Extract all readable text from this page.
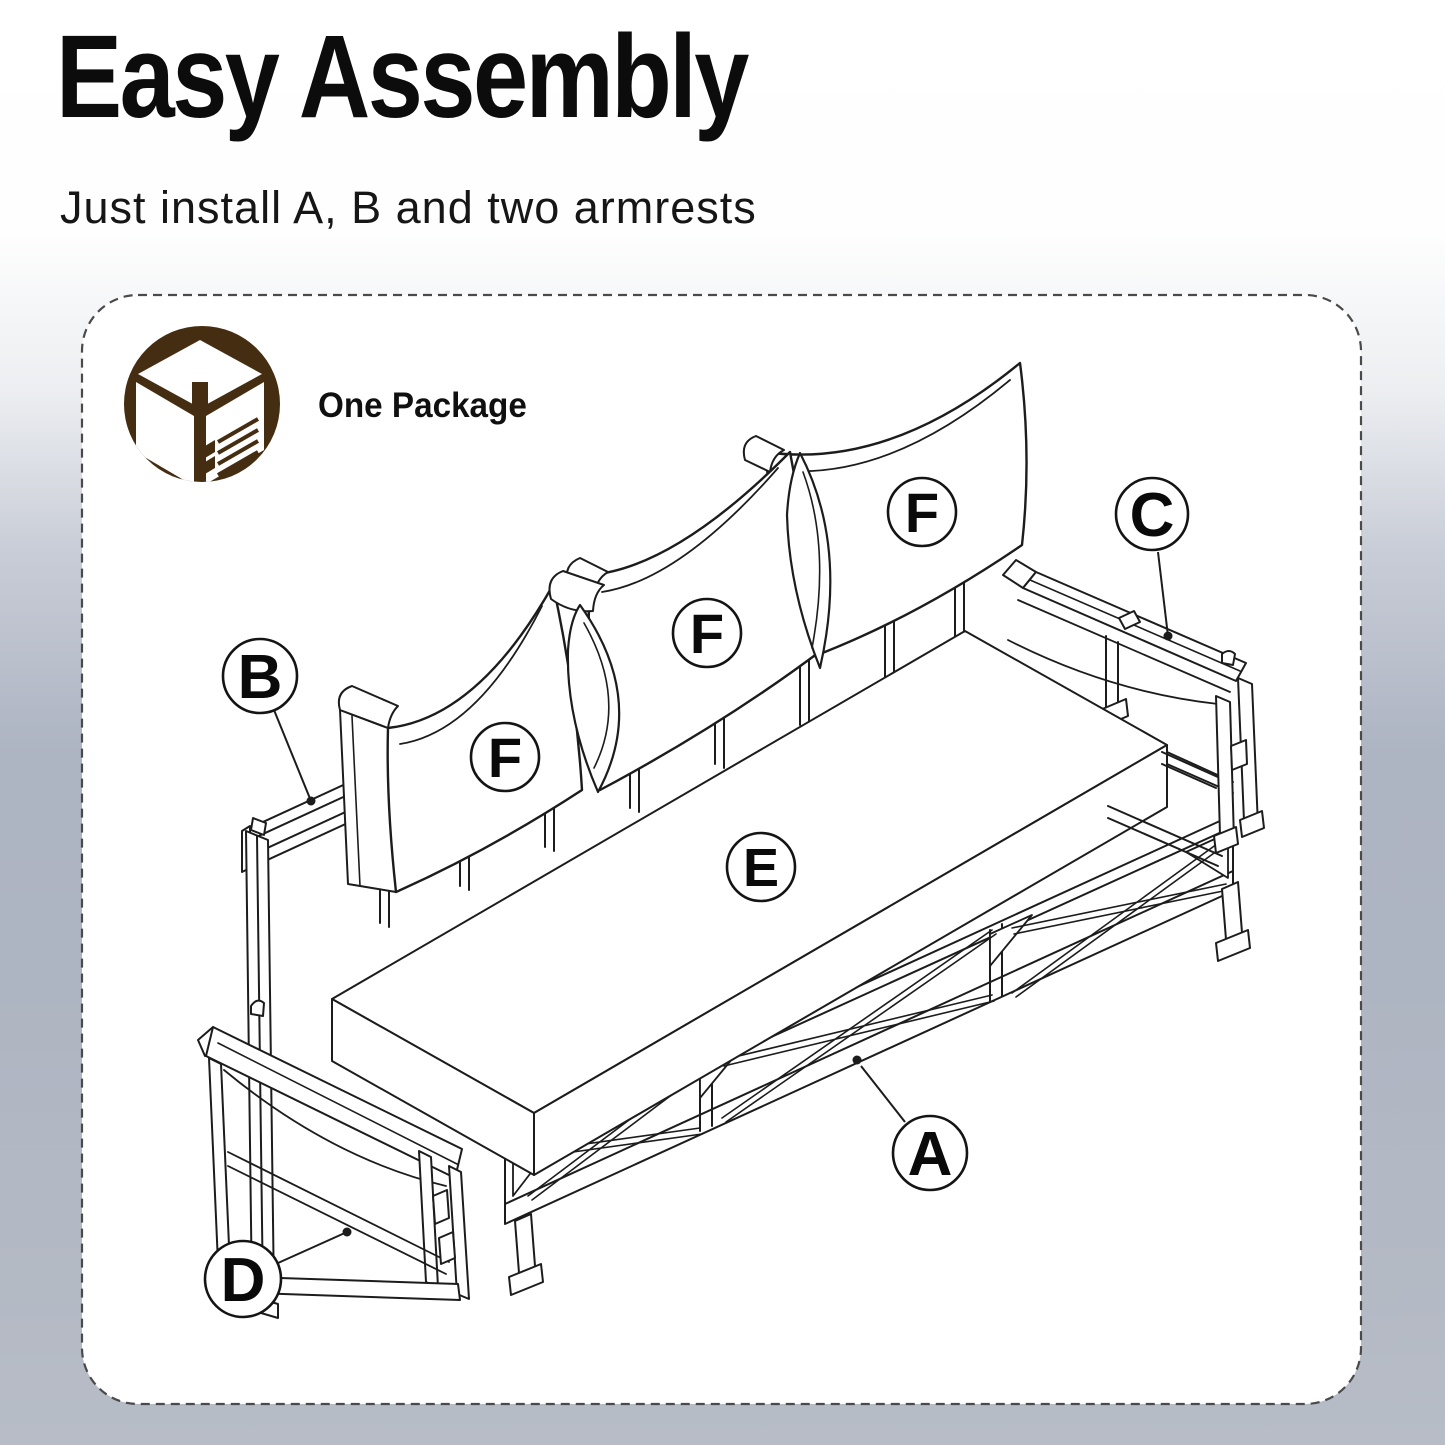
Easy Assembly
Just install A, B and two armrests
B
C
F
F
F
E
A
D
One Package
